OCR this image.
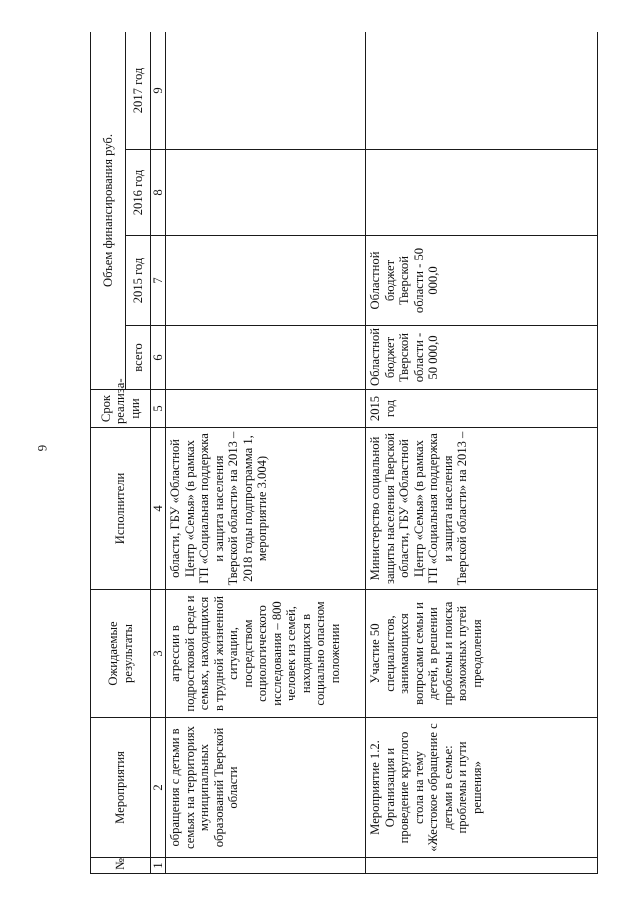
6
№	Мероприятия	Ожидаемые результаты	Исполнители	Срок реализа-ции	Объем финансирования руб.			
					всего	2015 год	2016 год	2017 год
1	2	3	4	5	6	7	8	9
	обращения с детьми в семьях на территориях муниципальных образований Тверской области	агрессии в подростковой среде и семьях, находящихся в трудной жизненной ситуации, посредством социологического исследования – 800 человек из семей, находящихся в социально опасном положении	области, ГБУ «Областной Центр «Семья» (в рамках ГП «Социальная поддержка и защита населения Тверской области» на 2013 – 2018 годы подпрограмма 1, мероприятие 3.004)					
	Мероприятие 1.2. Организация и проведение круглого стола на тему «Жестокое обращение с детьми в семье: проблемы и пути решения»	Участие 50 специалистов, занимающихся вопросами семьи и детей, в решении проблемы и поиска возможных путей преодоления	Министерство социальной защиты населения Тверской области, ГБУ «Областной Центр «Семья» (в рамках ГП «Социальная поддержка и защита населения Тверской области» на 2013 –	2015 год	Областной бюджет Тверской области - 50 000,0	Областной бюджет Тверской области - 50 000,0		
